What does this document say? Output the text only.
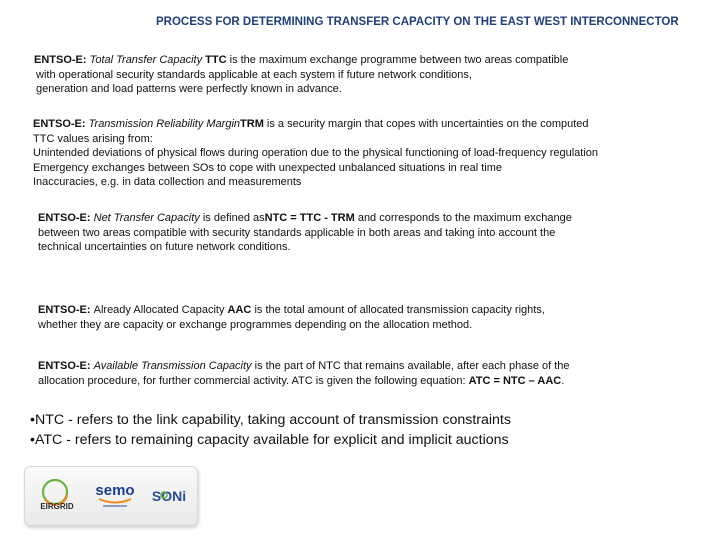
PROCESS FOR DETERMINING TRANSFER CAPACITY ON THE EAST WEST INTERCONNECTOR

ENTSO-E: Total Transfer Capacity TTC is the maximum exchange programme between two areas compatible

with operational security standards applicable at each system if future network conditions,

generation and load patterns were perfectly known in advance.

ENTSO-E: Transmission Reliability MarginTRM is a security margin that copes with uncertainties on the computed

TTC values arising from:

Unintended deviations of physical flows during operation due to the physical functioning of load-frequency regulation

Emergency exchanges between SOs to cope with unexpected unbalanced situations in real time

Inaccuracies, e.g. in data collection and measurements

ENTSO-E: Net Transfer Capacity is defined asNTC = TTC - TRM and corresponds to the maximum exchange

between two areas compatible with security standards applicable in both areas and taking into account the

technical uncertainties on future network conditions.

ENTSO-E: Already Allocated Capacity AAC is the total amount of allocated transmission capacity rights,

whether they are capacity or exchange programmes depending on the allocation method.

ENTSO-E: Available Transmission Capacity is the part of NTC that remains available, after each phase of the

allocation procedure, for further commercial activity. ATC is given the following equation: ATC = NTC – AAC.

•NTC - refers to the link capability, taking account of transmission constraints

•ATC - refers to remaining capacity available for explicit and implicit auctions

EIRGRID
semo SONi
